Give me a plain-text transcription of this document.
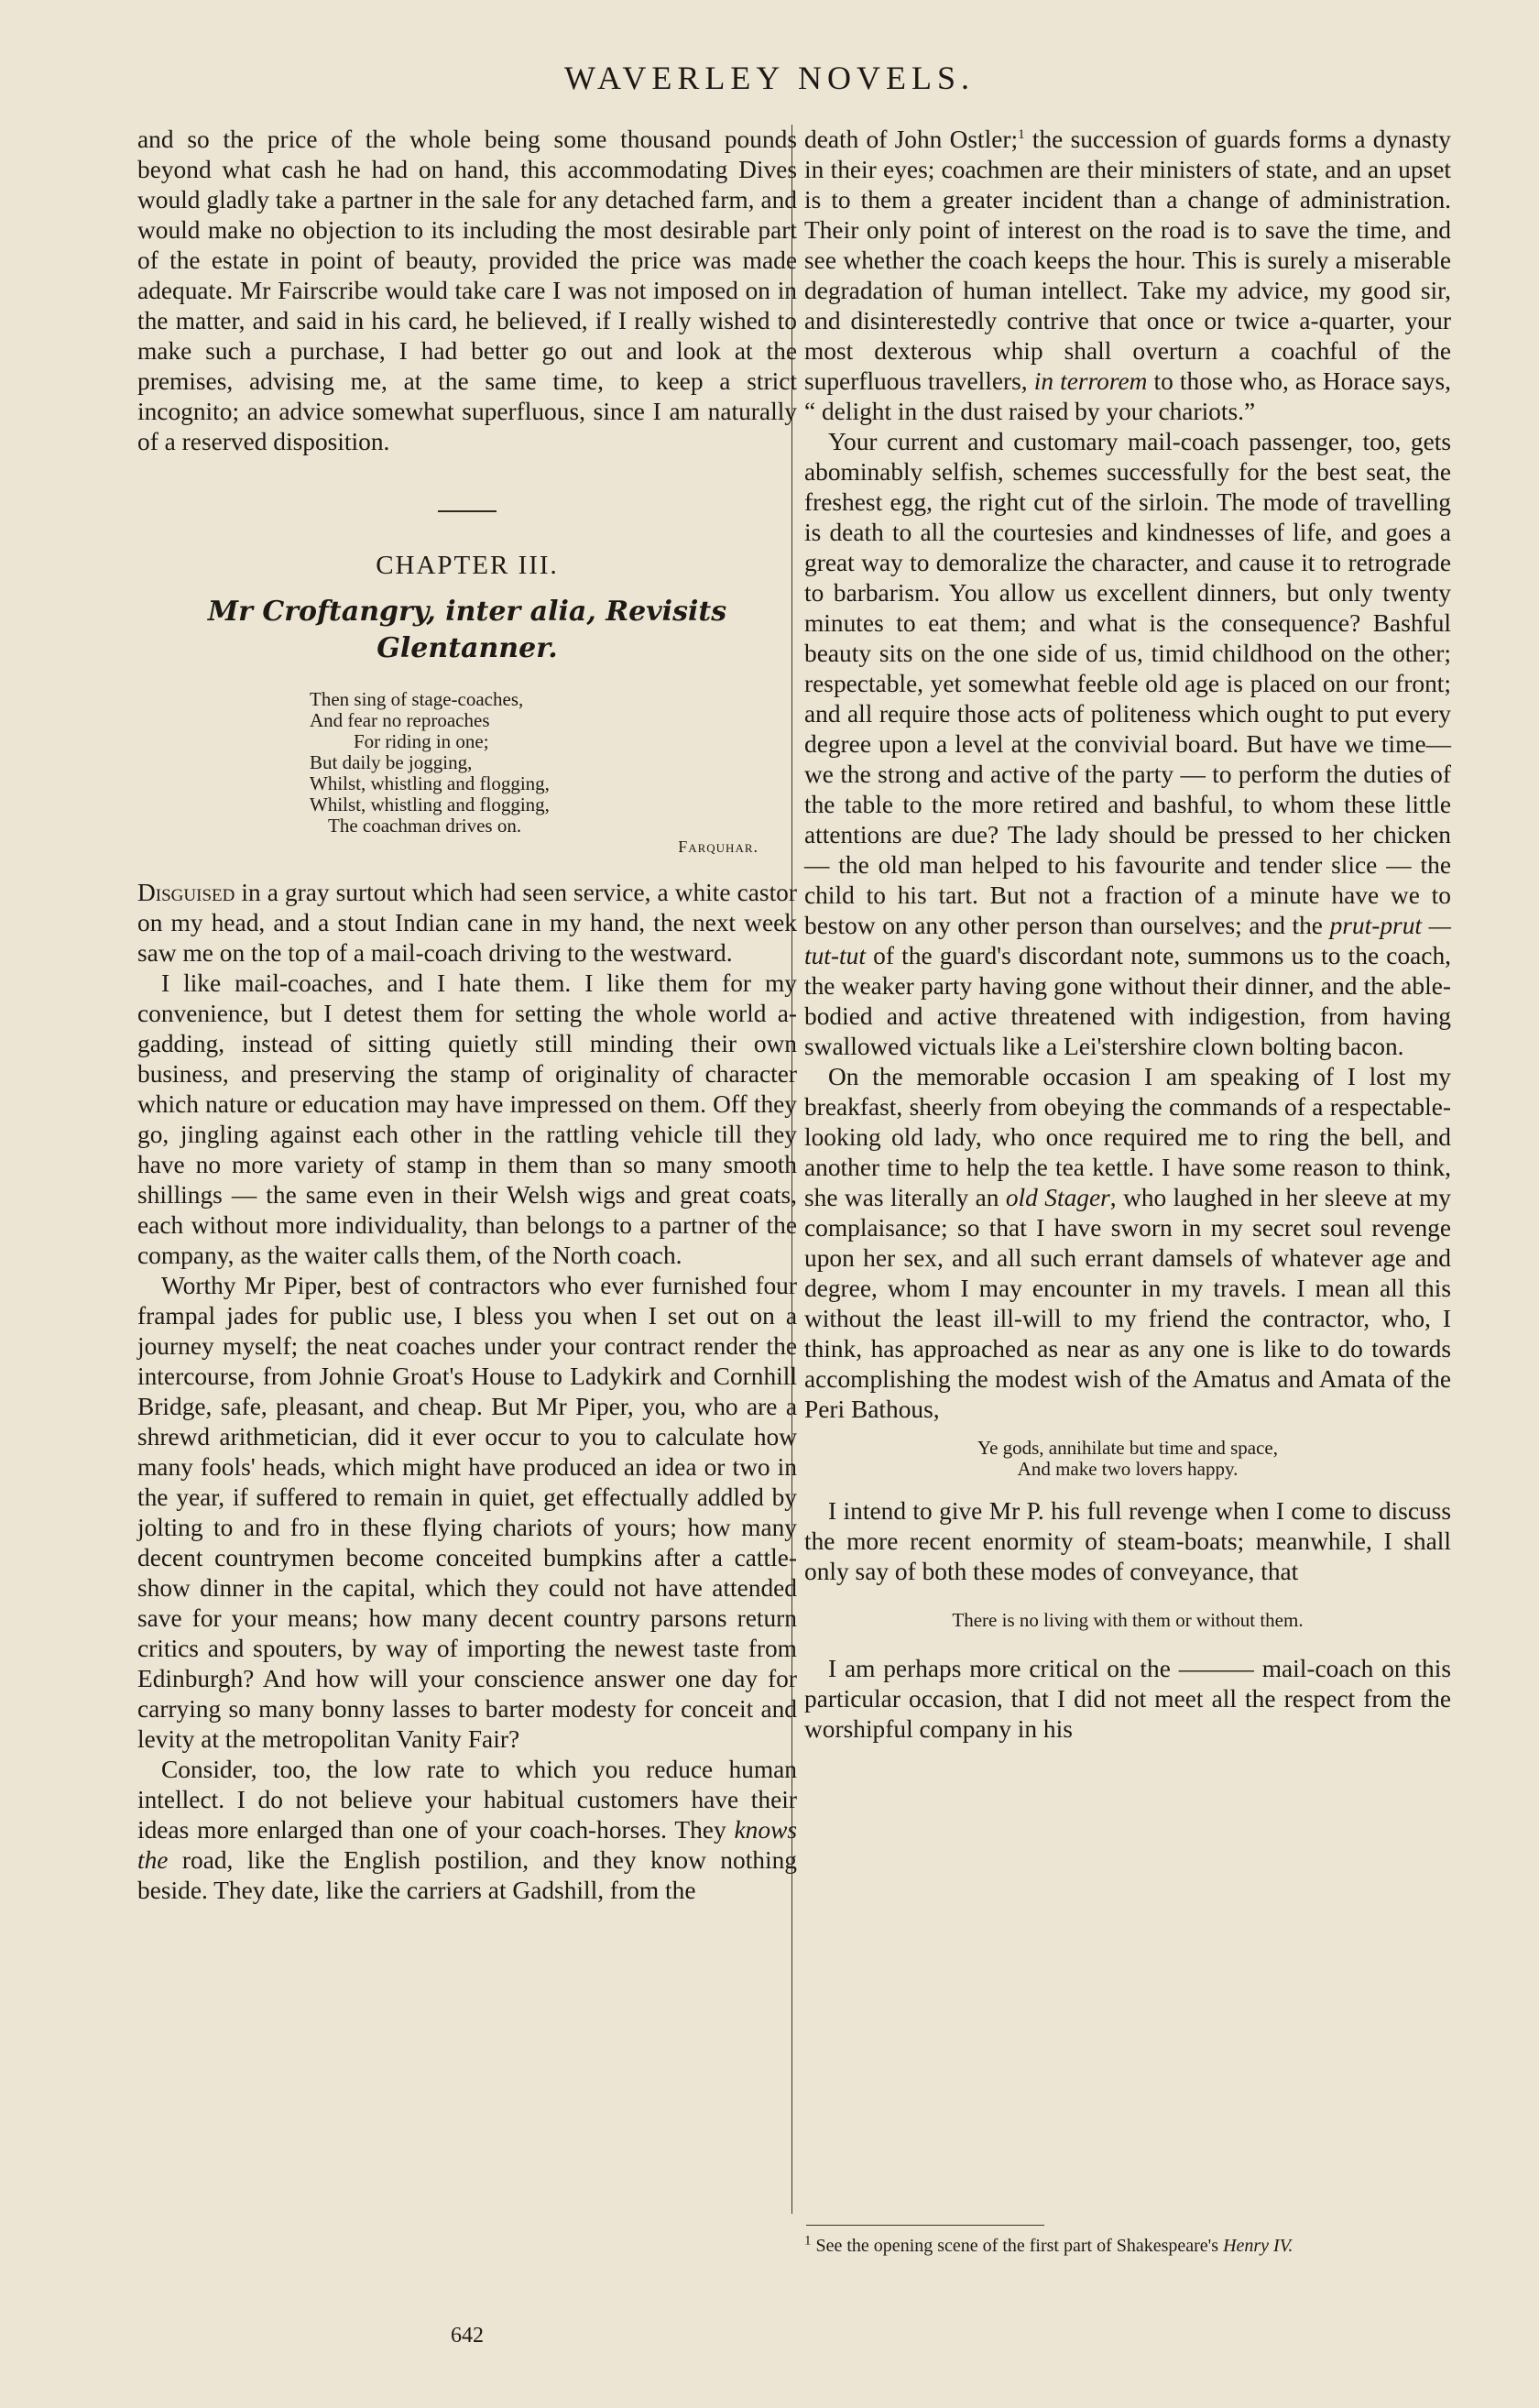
WAVERLEY NOVELS.

and so the price of the whole being some thousand pounds beyond what cash he had on hand, this accommodating Dives would gladly take a partner in the sale for any detached farm, and would make no objection to its including the most desirable part of the estate in point of beauty, provided the price was made adequate. Mr Fairscribe would take care I was not imposed on in the matter, and said in his card, he believed, if I really wished to make such a purchase, I had better go out and look at the premises, advising me, at the same time, to keep a strict incognito; an advice somewhat superfluous, since I am naturally of a reserved disposition.

CHAPTER III.
Mr Croftangry, inter alia, Revisits Glentanner.
Then sing of stage-coaches,
And fear no reproaches
For riding in one;
But daily be jogging,
Whilst, whistling and flogging,
Whilst, whistling and flogging,
The coachman drives on.
Farquhar.

Disguised in a gray surtout which had seen service, a white castor on my head, and a stout Indian cane in my hand, the next week saw me on the top of a mail-coach driving to the westward.

I like mail-coaches, and I hate them. I like them for my convenience, but I detest them for setting the whole world a-gadding, instead of sitting quietly still minding their own business, and preserving the stamp of originality of character which nature or education may have impressed on them. Off they go, jingling against each other in the rattling vehicle till they have no more variety of stamp in them than so many smooth shillings — the same even in their Welsh wigs and great coats, each without more individuality, than belongs to a partner of the company, as the waiter calls them, of the North coach.

Worthy Mr Piper, best of contractors who ever furnished four frampal jades for public use, I bless you when I set out on a journey myself; the neat coaches under your contract render the intercourse, from Johnie Groat's House to Ladykirk and Cornhill Bridge, safe, pleasant, and cheap. But Mr Piper, you, who are a shrewd arithmetician, did it ever occur to you to calculate how many fools' heads, which might have produced an idea or two in the year, if suffered to remain in quiet, get effectually addled by jolting to and fro in these flying chariots of yours; how many decent countrymen become conceited bumpkins after a cattle-show dinner in the capital, which they could not have attended save for your means; how many decent country parsons return critics and spouters, by way of importing the newest taste from Edinburgh? And how will your conscience answer one day for carrying so many bonny lasses to barter modesty for conceit and levity at the metropolitan Vanity Fair?

Consider, too, the low rate to which you reduce human intellect. I do not believe your habitual customers have their ideas more enlarged than one of your coach-horses. They knows the road, like the English postilion, and they know nothing beside. They date, like the carriers at Gadshill, from the

death of John Ostler;$^1$ the succession of guards forms a dynasty in their eyes; coachmen are their ministers of state, and an upset is to them a greater incident than a change of administration. Their only point of interest on the road is to save the time, and see whether the coach keeps the hour. This is surely a miserable degradation of human intellect. Take my advice, my good sir, and disinterestedly contrive that once or twice a-quarter, your most dexterous whip shall overturn a coachful of the superfluous travellers, in terrorem to those who, as Horace says, “ delight in the dust raised by your chariots.”

Your current and customary mail-coach passenger, too, gets abominably selfish, schemes successfully for the best seat, the freshest egg, the right cut of the sirloin. The mode of travelling is death to all the courtesies and kindnesses of life, and goes a great way to demoralize the character, and cause it to retrograde to barbarism. You allow us excellent dinners, but only twenty minutes to eat them; and what is the consequence? Bashful beauty sits on the one side of us, timid childhood on the other; respectable, yet somewhat feeble old age is placed on our front; and all require those acts of politeness which ought to put every degree upon a level at the convivial board. But have we time—we the strong and active of the party — to perform the duties of the table to the more retired and bashful, to whom these little attentions are due? The lady should be pressed to her chicken — the old man helped to his favourite and tender slice — the child to his tart. But not a fraction of a minute have we to bestow on any other person than ourselves; and the prut-prut — tut-tut of the guard's discordant note, summons us to the coach, the weaker party having gone without their dinner, and the able-bodied and active threatened with indigestion, from having swallowed victuals like a Lei'stershire clown bolting bacon.

On the memorable occasion I am speaking of I lost my breakfast, sheerly from obeying the commands of a respectable-looking old lady, who once required me to ring the bell, and another time to help the tea kettle. I have some reason to think, she was literally an old Stager, who laughed in her sleeve at my complaisance; so that I have sworn in my secret soul revenge upon her sex, and all such errant damsels of whatever age and degree, whom I may encounter in my travels. I mean all this without the least ill-will to my friend the contractor, who, I think, has approached as near as any one is like to do towards accomplishing the modest wish of the Amatus and Amata of the Peri Bathous,

Ye gods, annihilate but time and space,
And make two lovers happy.

I intend to give Mr P. his full revenge when I come to discuss the more recent enormity of steam-boats; meanwhile, I shall only say of both these modes of conveyance, that

There is no living with them or without them.

I am perhaps more critical on the ——— mail-coach on this particular occasion, that I did not meet all the respect from the worshipful company in his

$^1$ See the opening scene of the first part of Shakespeare's Henry IV.
642
